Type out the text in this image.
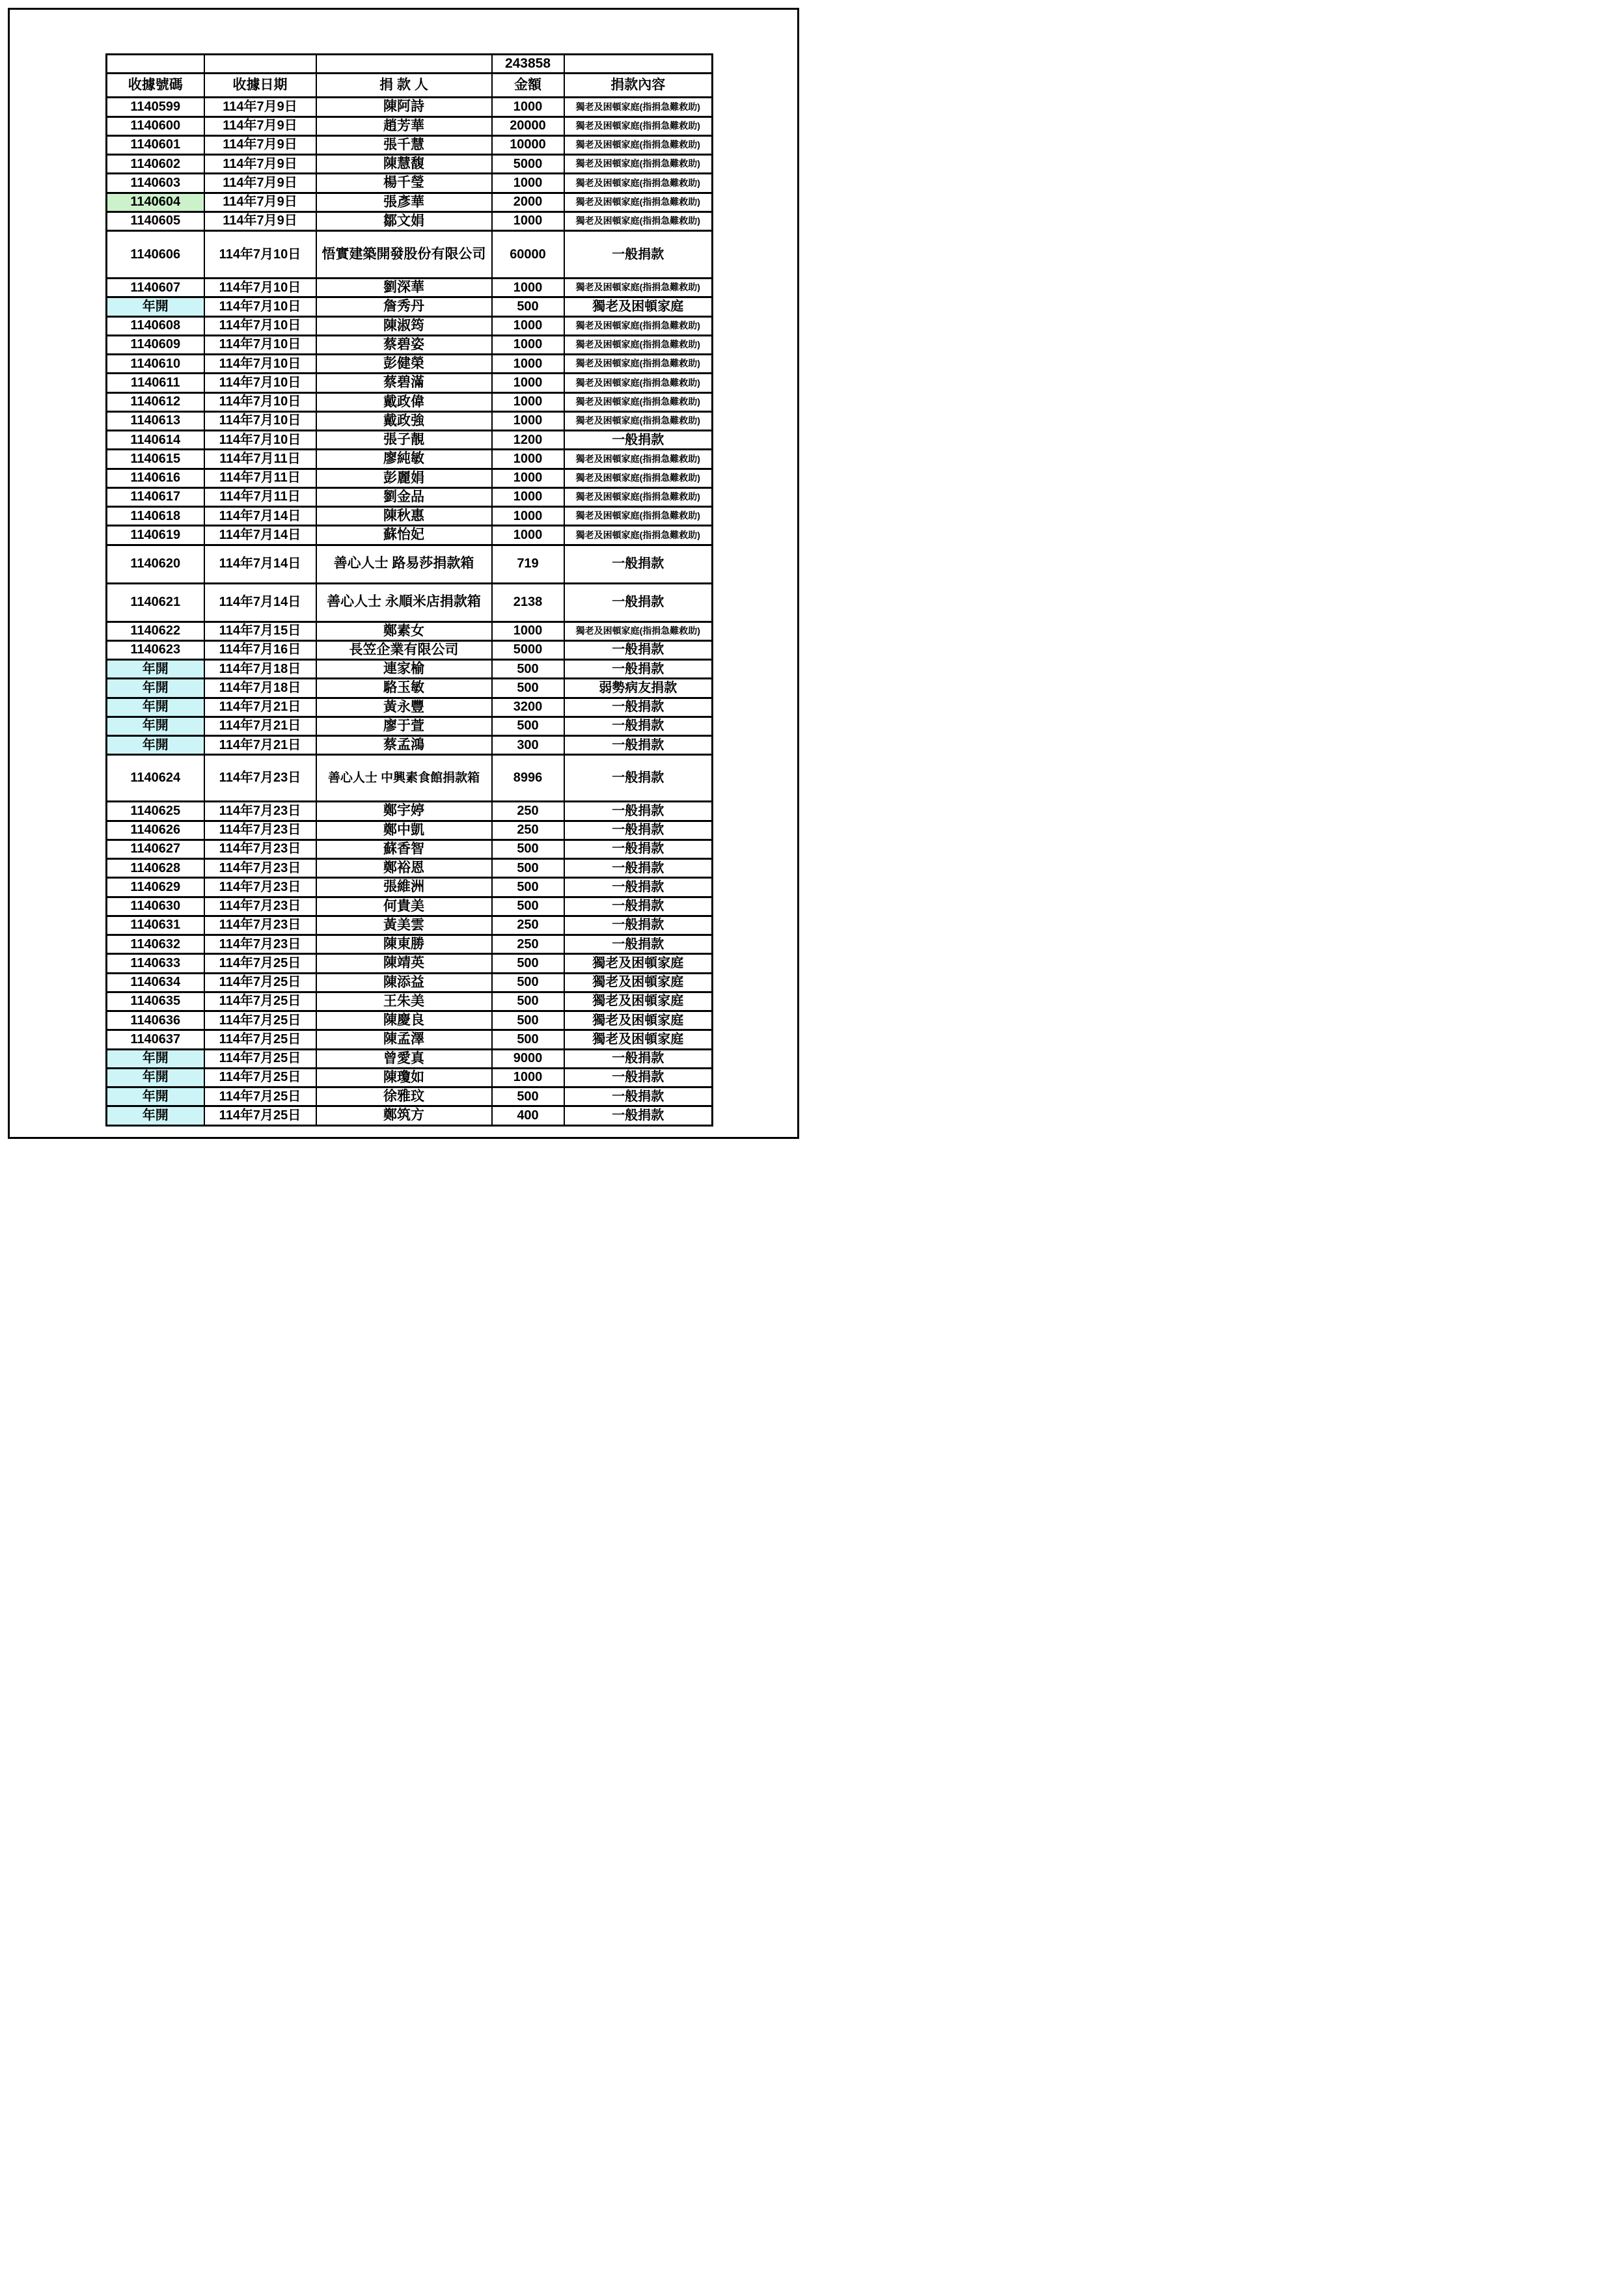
			243858	
收據號碼	收據日期	捐 款 人	金額	捐款內容
1140599	114年7月9日	陳阿詩	1000	獨老及困頓家庭(指捐急難救助)
1140600	114年7月9日	趙芳華	20000	獨老及困頓家庭(指捐急難救助)
1140601	114年7月9日	張千慧	10000	獨老及困頓家庭(指捐急難救助)
1140602	114年7月9日	陳慧馥	5000	獨老及困頓家庭(指捐急難救助)
1140603	114年7月9日	楊千瑩	1000	獨老及困頓家庭(指捐急難救助)
1140604	114年7月9日	張彥華	2000	獨老及困頓家庭(指捐急難救助)
1140605	114年7月9日	鄒文娟	1000	獨老及困頓家庭(指捐急難救助)
1140606	114年7月10日	悟實建築開發股份有限公司	60000	一般捐款
1140607	114年7月10日	劉深華	1000	獨老及困頓家庭(指捐急難救助)
年開	114年7月10日	詹秀丹	500	獨老及困頓家庭
1140608	114年7月10日	陳淑筠	1000	獨老及困頓家庭(指捐急難救助)
1140609	114年7月10日	蔡碧姿	1000	獨老及困頓家庭(指捐急難救助)
1140610	114年7月10日	彭健榮	1000	獨老及困頓家庭(指捐急難救助)
1140611	114年7月10日	蔡碧滿	1000	獨老及困頓家庭(指捐急難救助)
1140612	114年7月10日	戴政偉	1000	獨老及困頓家庭(指捐急難救助)
1140613	114年7月10日	戴政強	1000	獨老及困頓家庭(指捐急難救助)
1140614	114年7月10日	張子靚	1200	一般捐款
1140615	114年7月11日	廖純敏	1000	獨老及困頓家庭(指捐急難救助)
1140616	114年7月11日	彭麗娟	1000	獨老及困頓家庭(指捐急難救助)
1140617	114年7月11日	劉金品	1000	獨老及困頓家庭(指捐急難救助)
1140618	114年7月14日	陳秋惠	1000	獨老及困頓家庭(指捐急難救助)
1140619	114年7月14日	蘇怡妃	1000	獨老及困頓家庭(指捐急難救助)
1140620	114年7月14日	善心人士 路易莎捐款箱	719	一般捐款
1140621	114年7月14日	善心人士 永順米店捐款箱	2138	一般捐款
1140622	114年7月15日	鄭素女	1000	獨老及困頓家庭(指捐急難救助)
1140623	114年7月16日	長笠企業有限公司	5000	一般捐款
年開	114年7月18日	連家榆	500	一般捐款
年開	114年7月18日	駱玉敏	500	弱勢病友捐款
年開	114年7月21日	黃永豐	3200	一般捐款
年開	114年7月21日	廖于萱	500	一般捐款
年開	114年7月21日	蔡孟鴻	300	一般捐款
1140624	114年7月23日	善心人士 中興素食館捐款箱	8996	一般捐款
1140625	114年7月23日	鄭宇婷	250	一般捐款
1140626	114年7月23日	鄭中凱	250	一般捐款
1140627	114年7月23日	蘇香智	500	一般捐款
1140628	114年7月23日	鄭裕恩	500	一般捐款
1140629	114年7月23日	張維洲	500	一般捐款
1140630	114年7月23日	何貴美	500	一般捐款
1140631	114年7月23日	黃美雲	250	一般捐款
1140632	114年7月23日	陳東勝	250	一般捐款
1140633	114年7月25日	陳靖英	500	獨老及困頓家庭
1140634	114年7月25日	陳添益	500	獨老及困頓家庭
1140635	114年7月25日	王朱美	500	獨老及困頓家庭
1140636	114年7月25日	陳慶良	500	獨老及困頓家庭
1140637	114年7月25日	陳孟澤	500	獨老及困頓家庭
年開	114年7月25日	曾愛真	9000	一般捐款
年開	114年7月25日	陳瓊如	1000	一般捐款
年開	114年7月25日	徐雅玟	500	一般捐款
年開	114年7月25日	鄭筑方	400	一般捐款
